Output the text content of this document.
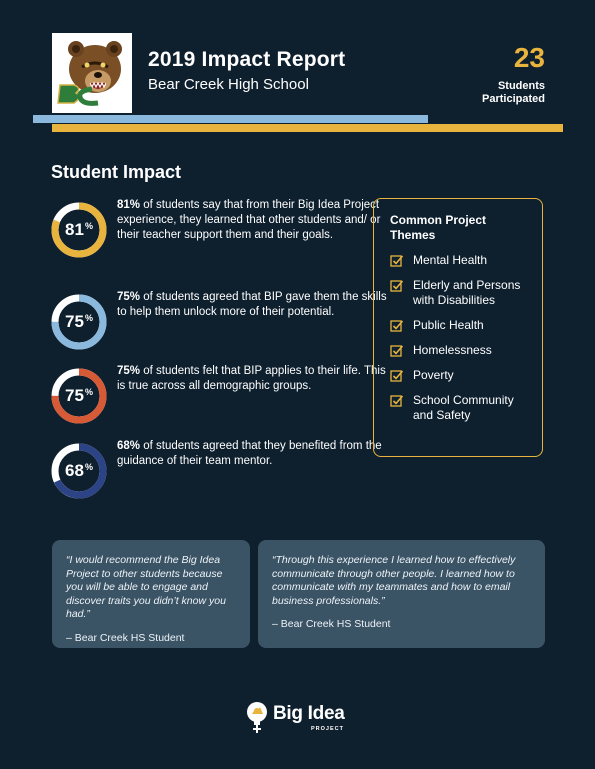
2019 Impact Report
Bear Creek High School
23
Students Participated
Student Impact
81%
81% of students say that from their Big Idea Project experience, they learned that other students and/ or their teacher support them and their goals.
75%
75% of students agreed that BIP gave them the skills to help them unlock more of their potential.
75%
75% of students felt that BIP applies to their life. This is true across all demographic groups.
68%
68% of students agreed that they benefited from the guidance of their team mentor.
Common Project Themes
Mental Health
Elderly and Persons with Disabilities
Public Health
Homelessness
Poverty
School Community and Safety
“I would recommend the Big Idea Project to other students because you will be able to engage and discover traits you didn’t know you had.”
– Bear Creek HS Student
“Through this experience I learned how to effectively communicate through other people. I learned how to communicate with my teammates and how to email business professionals.”
– Bear Creek HS Student
Big Idea
PROJECT
